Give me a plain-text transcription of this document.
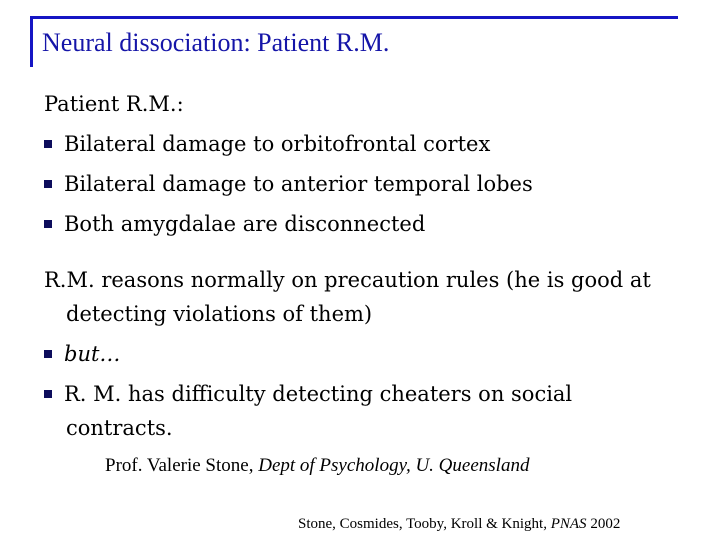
Neural dissociation: Patient R.M.
Patient R.M.:
Bilateral damage to orbitofrontal cortex
Bilateral damage to anterior temporal lobes
Both amygdalae are disconnected
R.M. reasons normally on precaution rules (he is good at
detecting violations of them)
but…
R. M. has difficulty detecting cheaters on social
contracts.
Prof. Valerie Stone, Dept of Psychology, U. Queensland
Stone, Cosmides, Tooby, Kroll & Knight, PNAS 2002
